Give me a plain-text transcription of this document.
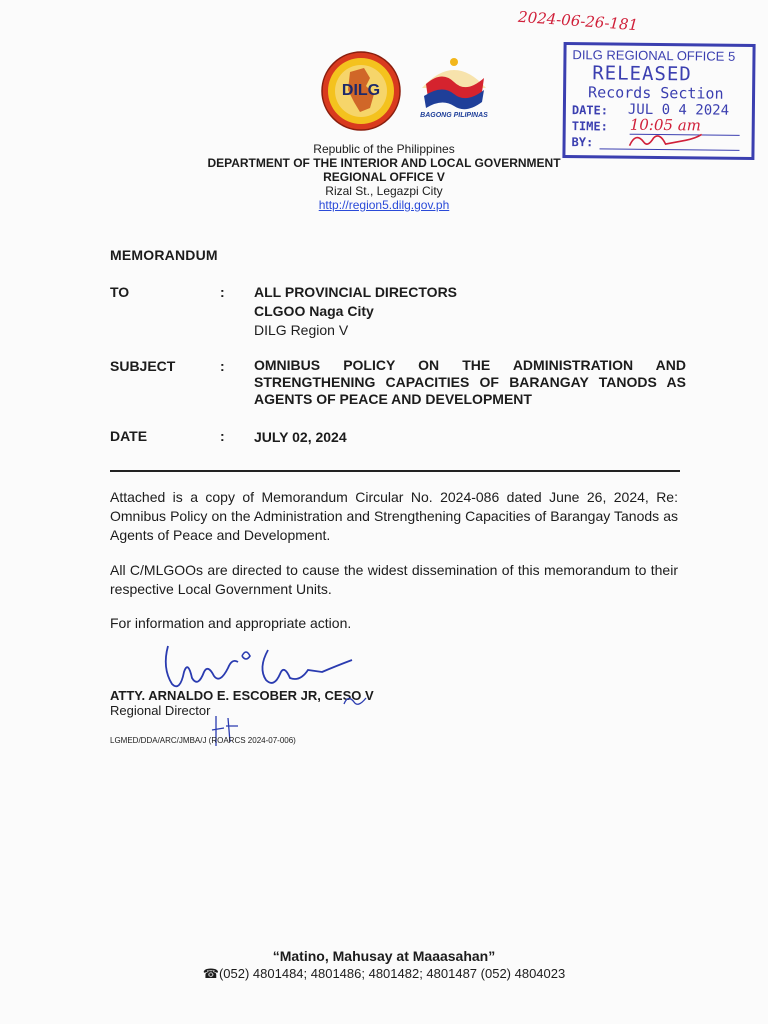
2024-06-26-181
DILG
BAGONG PILIPINAS
DILG REGIONAL OFFICE 5
RELEASED
Records Section
DATE: JUL 0 4 2024
TIME: 10:05 am
BY:
Republic of the Philippines
DEPARTMENT OF THE INTERIOR AND LOCAL GOVERNMENT
REGIONAL OFFICE V
Rizal St., Legazpi City
http://region5.dilg.gov.ph
MEMORANDUM
TO	: ALL PROVINCIAL DIRECTORS
CLGOO Naga City
DILG Region V
SUBJECT	: OMNIBUS POLICY ON THE ADMINISTRATION AND STRENGTHENING CAPACITIES OF BARANGAY TANODS AS AGENTS OF PEACE AND DEVELOPMENT
DATE	: JULY 02, 2024
Attached is a copy of Memorandum Circular No. 2024-086 dated June 26, 2024, Re: Omnibus Policy on the Administration and Strengthening Capacities of Barangay Tanods as Agents of Peace and Development.
All C/MLGOOs are directed to cause the widest dissemination of this memorandum to their respective Local Government Units.
For information and appropriate action.
ATTY. ARNALDO E. ESCOBER JR, CESO V
Regional Director
LGMED/DDA/ARC/JMBA/J (ROARCS 2024-07-006)
“Matino, Mahusay at Maaasahan”
☎(052) 4801484; 4801486; 4801482; 4801487 (052) 4804023
